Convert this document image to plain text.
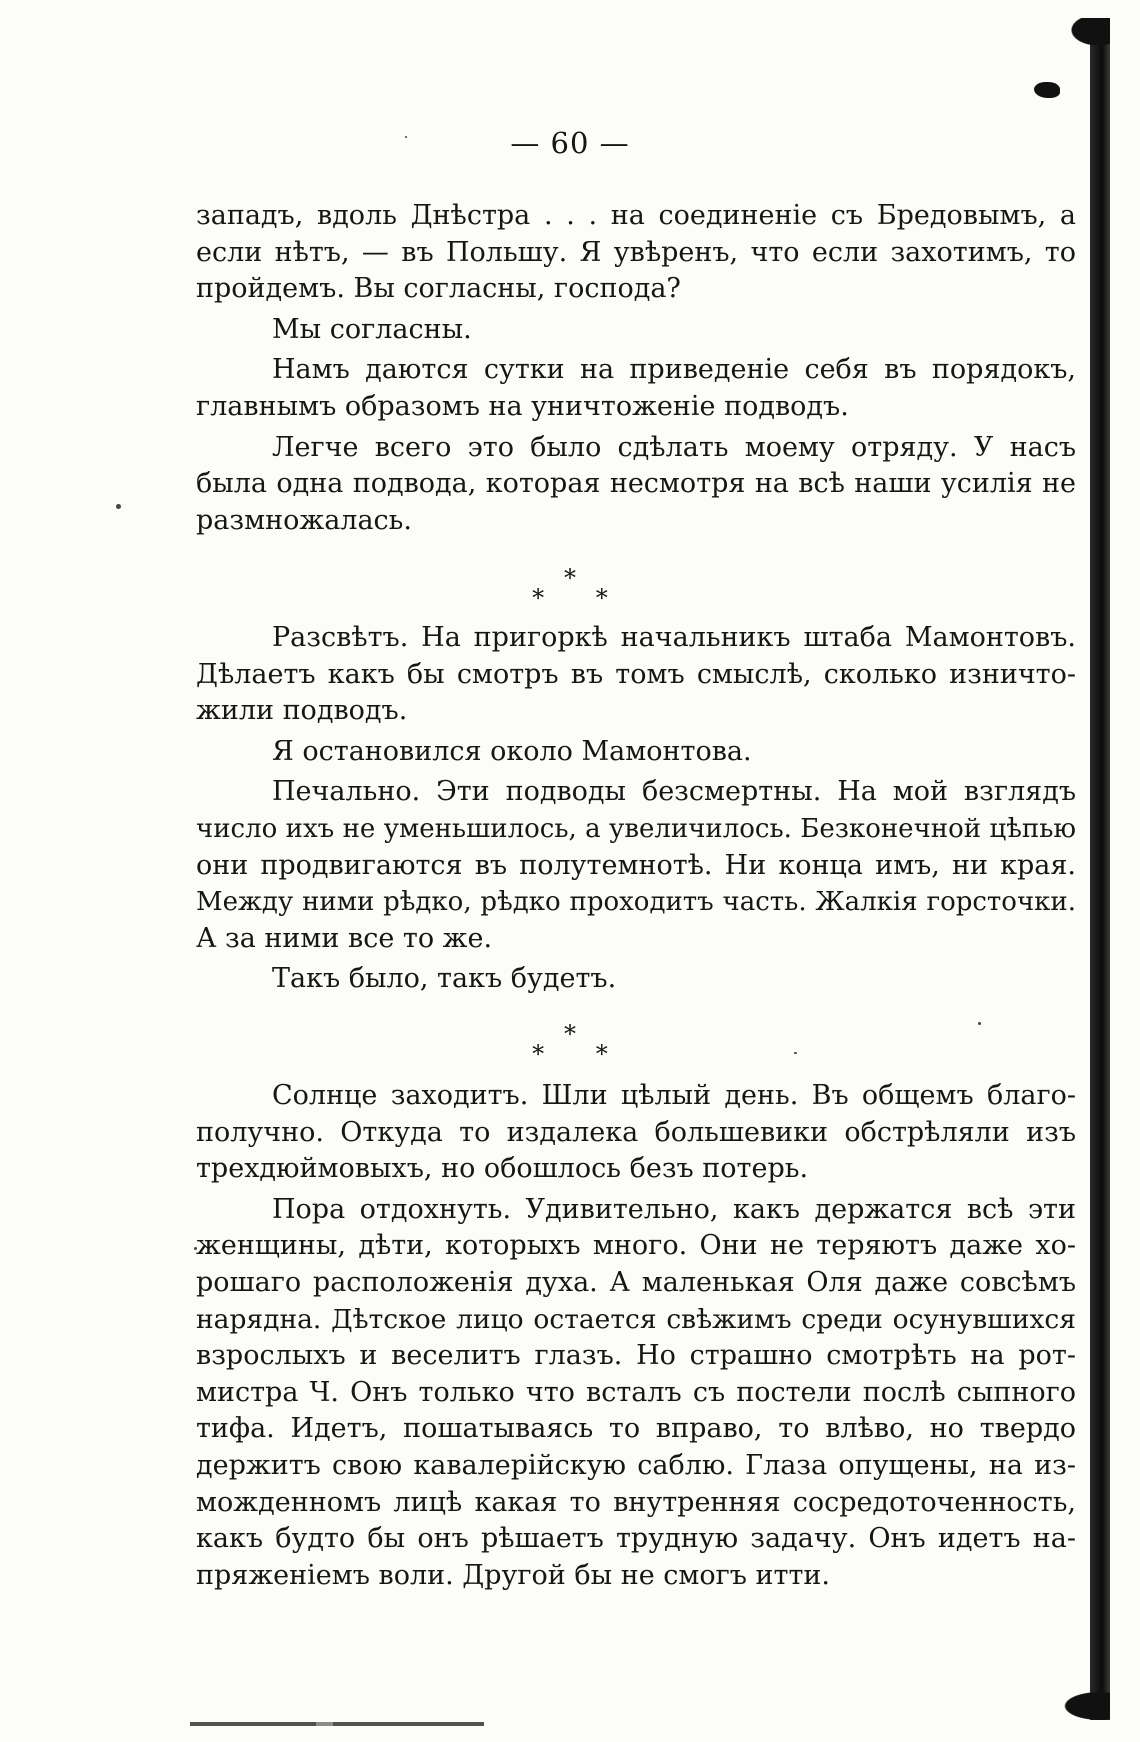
— 60 —

западъ, вдоль Днѣстра . . . на соединеніе съ Бредовымъ, а
если нѣтъ, — въ Польшу. Я увѣренъ, что если захотимъ, то
пройдемъ. Вы согласны, господа?

Мы согласны.

Намъ даются сутки на приведеніе себя въ порядокъ,
главнымъ образомъ на уничтоженіе подводъ.

Легче всего это было сдѣлать моему отряду. У насъ
была одна подвода, которая несмотря на всѣ наши усилія не
размножалась.

*
* *

Разсвѣтъ. На пригоркѣ начальникъ штаба Мамонтовъ.
Дѣлаетъ какъ бы смотръ въ томъ смыслѣ, сколько изничто-
жили подводъ.

Я остановился около Мамонтова.

Печально. Эти подводы безсмертны. На мой взглядъ
число ихъ не уменьшилось, а увеличилось. Безконечной цѣпью
они продвигаются въ полутемнотѣ. Ни конца имъ, ни края.
Между ними рѣдко, рѣдко проходитъ часть. Жалкія горсточки.
А за ними все то же.

Такъ было, такъ будетъ.

*
* *

Солнце заходитъ. Шли цѣлый день. Въ общемъ благо-
получно. Откуда то издалека большевики обстрѣляли изъ
трехдюймовыхъ, но обошлось безъ потерь.

Пора отдохнуть. Удивительно, какъ держатся всѣ эти
женщины, дѣти, которыхъ много. Они не теряютъ даже хо-
рошаго расположенія духа. А маленькая Оля даже совсѣмъ
нарядна. Дѣтское лицо остается свѣжимъ среди осунувшихся
взрослыхъ и веселитъ глазъ. Но страшно смотрѣть на рот-
мистра Ч. Онъ только что всталъ съ постели послѣ сыпного
тифа. Идетъ, пошатываясь то вправо, то влѣво, но твердо
держитъ свою кавалерійскую саблю. Глаза опущены, на из-
можденномъ лицѣ какая то внутренняя сосредоточенность,
какъ будто бы онъ рѣшаетъ трудную задачу. Онъ идетъ на-
пряженіемъ воли. Другой бы не смогъ итти.
